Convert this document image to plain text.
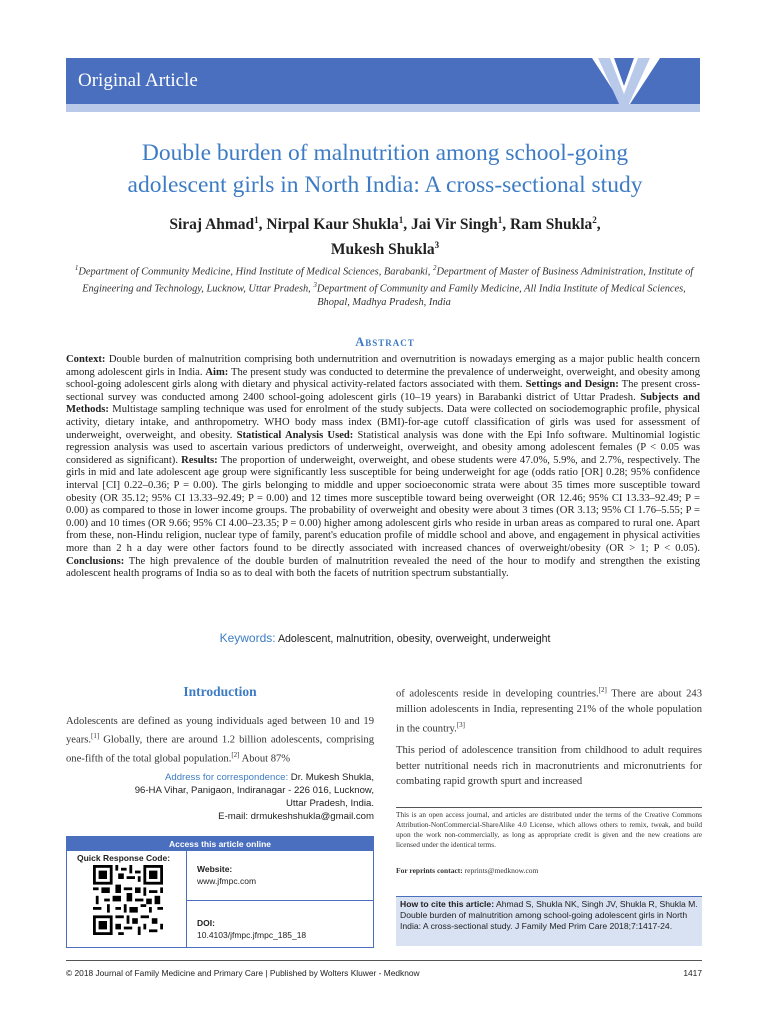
Original Article
Double burden of malnutrition among school-going
adolescent girls in North India: A cross-sectional study
Siraj Ahmad$^1$, Nirpal Kaur Shukla$^1$, Jai Vir Singh$^1$, Ram Shukla$^2$,
Mukesh Shukla$^3$
$^1$Department of Community Medicine, Hind Institute of Medical Sciences, Barabanki, $^2$Department of Master of Business Administration, Institute of Engineering and Technology, Lucknow, Uttar Pradesh, $^3$Department of Community and Family Medicine, All India Institute of Medical Sciences, Bhopal, Madhya Pradesh, India
Abstract
Context: Double burden of malnutrition comprising both undernutrition and overnutrition is nowadays emerging as a major public health concern among adolescent girls in India. Aim: The present study was conducted to determine the prevalence of underweight, overweight, and obesity among school-going adolescent girls along with dietary and physical activity-related factors associated with them. Settings and Design: The present cross-sectional survey was conducted among 2400 school-going adolescent girls (10–19 years) in Barabanki district of Uttar Pradesh. Subjects and Methods: Multistage sampling technique was used for enrolment of the study subjects. Data were collected on sociodemographic profile, physical activity, dietary intake, and anthropometry. WHO body mass index (BMI)-for-age cutoff classification of girls was used for assessment of underweight, overweight, and obesity. Statistical Analysis Used: Statistical analysis was done with the Epi Info software. Multinomial logistic regression analysis was used to ascertain various predictors of underweight, overweight, and obesity among adolescent females (P < 0.05 was considered as significant). Results: The proportion of underweight, overweight, and obese students were 47.0%, 5.9%, and 2.7%, respectively. The girls in mid and late adolescent age group were significantly less susceptible for being underweight for age (odds ratio [OR] 0.28; 95% confidence interval [CI] 0.22–0.36; P = 0.00). The girls belonging to middle and upper socioeconomic strata were about 35 times more susceptible toward obesity (OR 35.12; 95% CI 13.33–92.49; P = 0.00) and 12 times more susceptible toward being overweight (OR 12.46; 95% CI 13.33–92.49; P = 0.00) as compared to those in lower income groups. The probability of overweight and obesity were about 3 times (OR 3.13; 95% CI 1.76–5.55; P = 0.00) and 10 times (OR 9.66; 95% CI 4.00–23.35; P = 0.00) higher among adolescent girls who reside in urban areas as compared to rural one. Apart from these, non-Hindu religion, nuclear type of family, parent's education profile of middle school and above, and engagement in physical activities more than 2 h a day were other factors found to be directly associated with increased chances of overweight/obesity (OR > 1; P < 0.05). Conclusions: The high prevalence of the double burden of malnutrition revealed the need of the hour to modify and strengthen the existing adolescent health programs of India so as to deal with both the facets of nutrition spectrum substantially.
Keywords: Adolescent, malnutrition, obesity, overweight, underweight
Introduction
Adolescents are defined as young individuals aged between 10 and 19 years.[1] Globally, there are around 1.2 billion adolescents, comprising one-fifth of the total global population.[2] About 87%
Address for correspondence: Dr. Mukesh Shukla,
96-HA Vihar, Panigaon, Indiranagar - 226 016, Lucknow,
Uttar Pradesh, India.
E-mail: drmukeshshukla@gmail.com
Access this article online
Quick Response Code:
Website:
www.jfmpc.com
DOI:
10.4103/jfmpc.jfmpc_185_18
of adolescents reside in developing countries.[2] There are about 243 million adolescents in India, representing 21% of the whole population in the country.[3]
This period of adolescence transition from childhood to adult requires better nutritional needs rich in macronutrients and micronutrients for combating rapid growth spurt and increased
This is an open access journal, and articles are distributed under the terms of the Creative Commons Attribution-NonCommercial-ShareAlike 4.0 License, which allows others to remix, tweak, and build upon the work non-commercially, as long as appropriate credit is given and the new creations are licensed under the identical terms.
For reprints contact: reprints@medknow.com
How to cite this article: Ahmad S, Shukla NK, Singh JV, Shukla R, Shukla M. Double burden of malnutrition among school-going adolescent girls in North India: A cross-sectional study. J Family Med Prim Care 2018;7:1417-24.
© 2018 Journal of Family Medicine and Primary Care | Published by Wolters Kluwer - Medknow	1417
